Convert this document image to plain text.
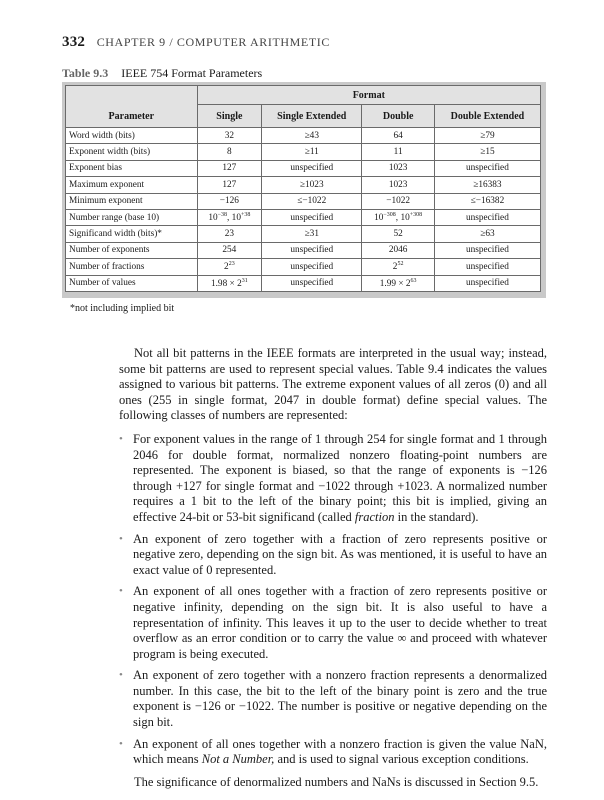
332 CHAPTER 9 / COMPUTER ARITHMETIC
Table 9.3 IEEE 754 Format Parameters
Parameter	Format			
	Single	Single Extended	Double	Double Extended
Word width (bits)	32	≥43	64	≥79
Exponent width (bits)	8	≥11	11	≥15
Exponent bias	127	unspecified	1023	unspecified
Maximum exponent	127	≥1023	1023	≥16383
Minimum exponent	−126	≤−1022	−1022	≤−16382
Number range (base 10)	$10^{-38}$, $10^{+38}$	unspecified	$10^{-308}$, $10^{+308}$	unspecified
Significand width (bits)*	23	≥31	52	≥63
Number of exponents	254	unspecified	2046	unspecified
Number of fractions	$2^{23}$	unspecified	$2^{52}$	unspecified
Number of values	$1.98 \times 2^{31}$	unspecified	$1.99 \times 2^{63}$	unspecified
*not including implied bit

Not all bit patterns in the IEEE formats are interpreted in the usual way; instead, some bit patterns are used to represent special values. Table 9.4 indicates the values assigned to various bit patterns. The extreme exponent values of all zeros (0) and all ones (255 in single format, 2047 in double format) define special values. The following classes of numbers are represented:

• For exponent values in the range of 1 through 254 for single format and 1 through 2046 for double format, normalized nonzero floating-point numbers are represented. The exponent is biased, so that the range of exponents is −126 through +127 for single format and −1022 through +1023. A normalized number requires a 1 bit to the left of the binary point; this bit is implied, giving an effective 24-bit or 53-bit significand (called fraction in the standard).
• An exponent of zero together with a fraction of zero represents positive or negative zero, depending on the sign bit. As was mentioned, it is useful to have an exact value of 0 represented.
• An exponent of all ones together with a fraction of zero represents positive or negative infinity, depending on the sign bit. It is also useful to have a representation of infinity. This leaves it up to the user to decide whether to treat overflow as an error condition or to carry the value ∞ and proceed with whatever program is being executed.
• An exponent of zero together with a nonzero fraction represents a denormalized number. In this case, the bit to the left of the binary point is zero and the true exponent is −126 or −1022. The number is positive or negative depending on the sign bit.
• An exponent of all ones together with a nonzero fraction is given the value NaN, which means Not a Number, and is used to signal various exception conditions.

The significance of denormalized numbers and NaNs is discussed in Section 9.5.
